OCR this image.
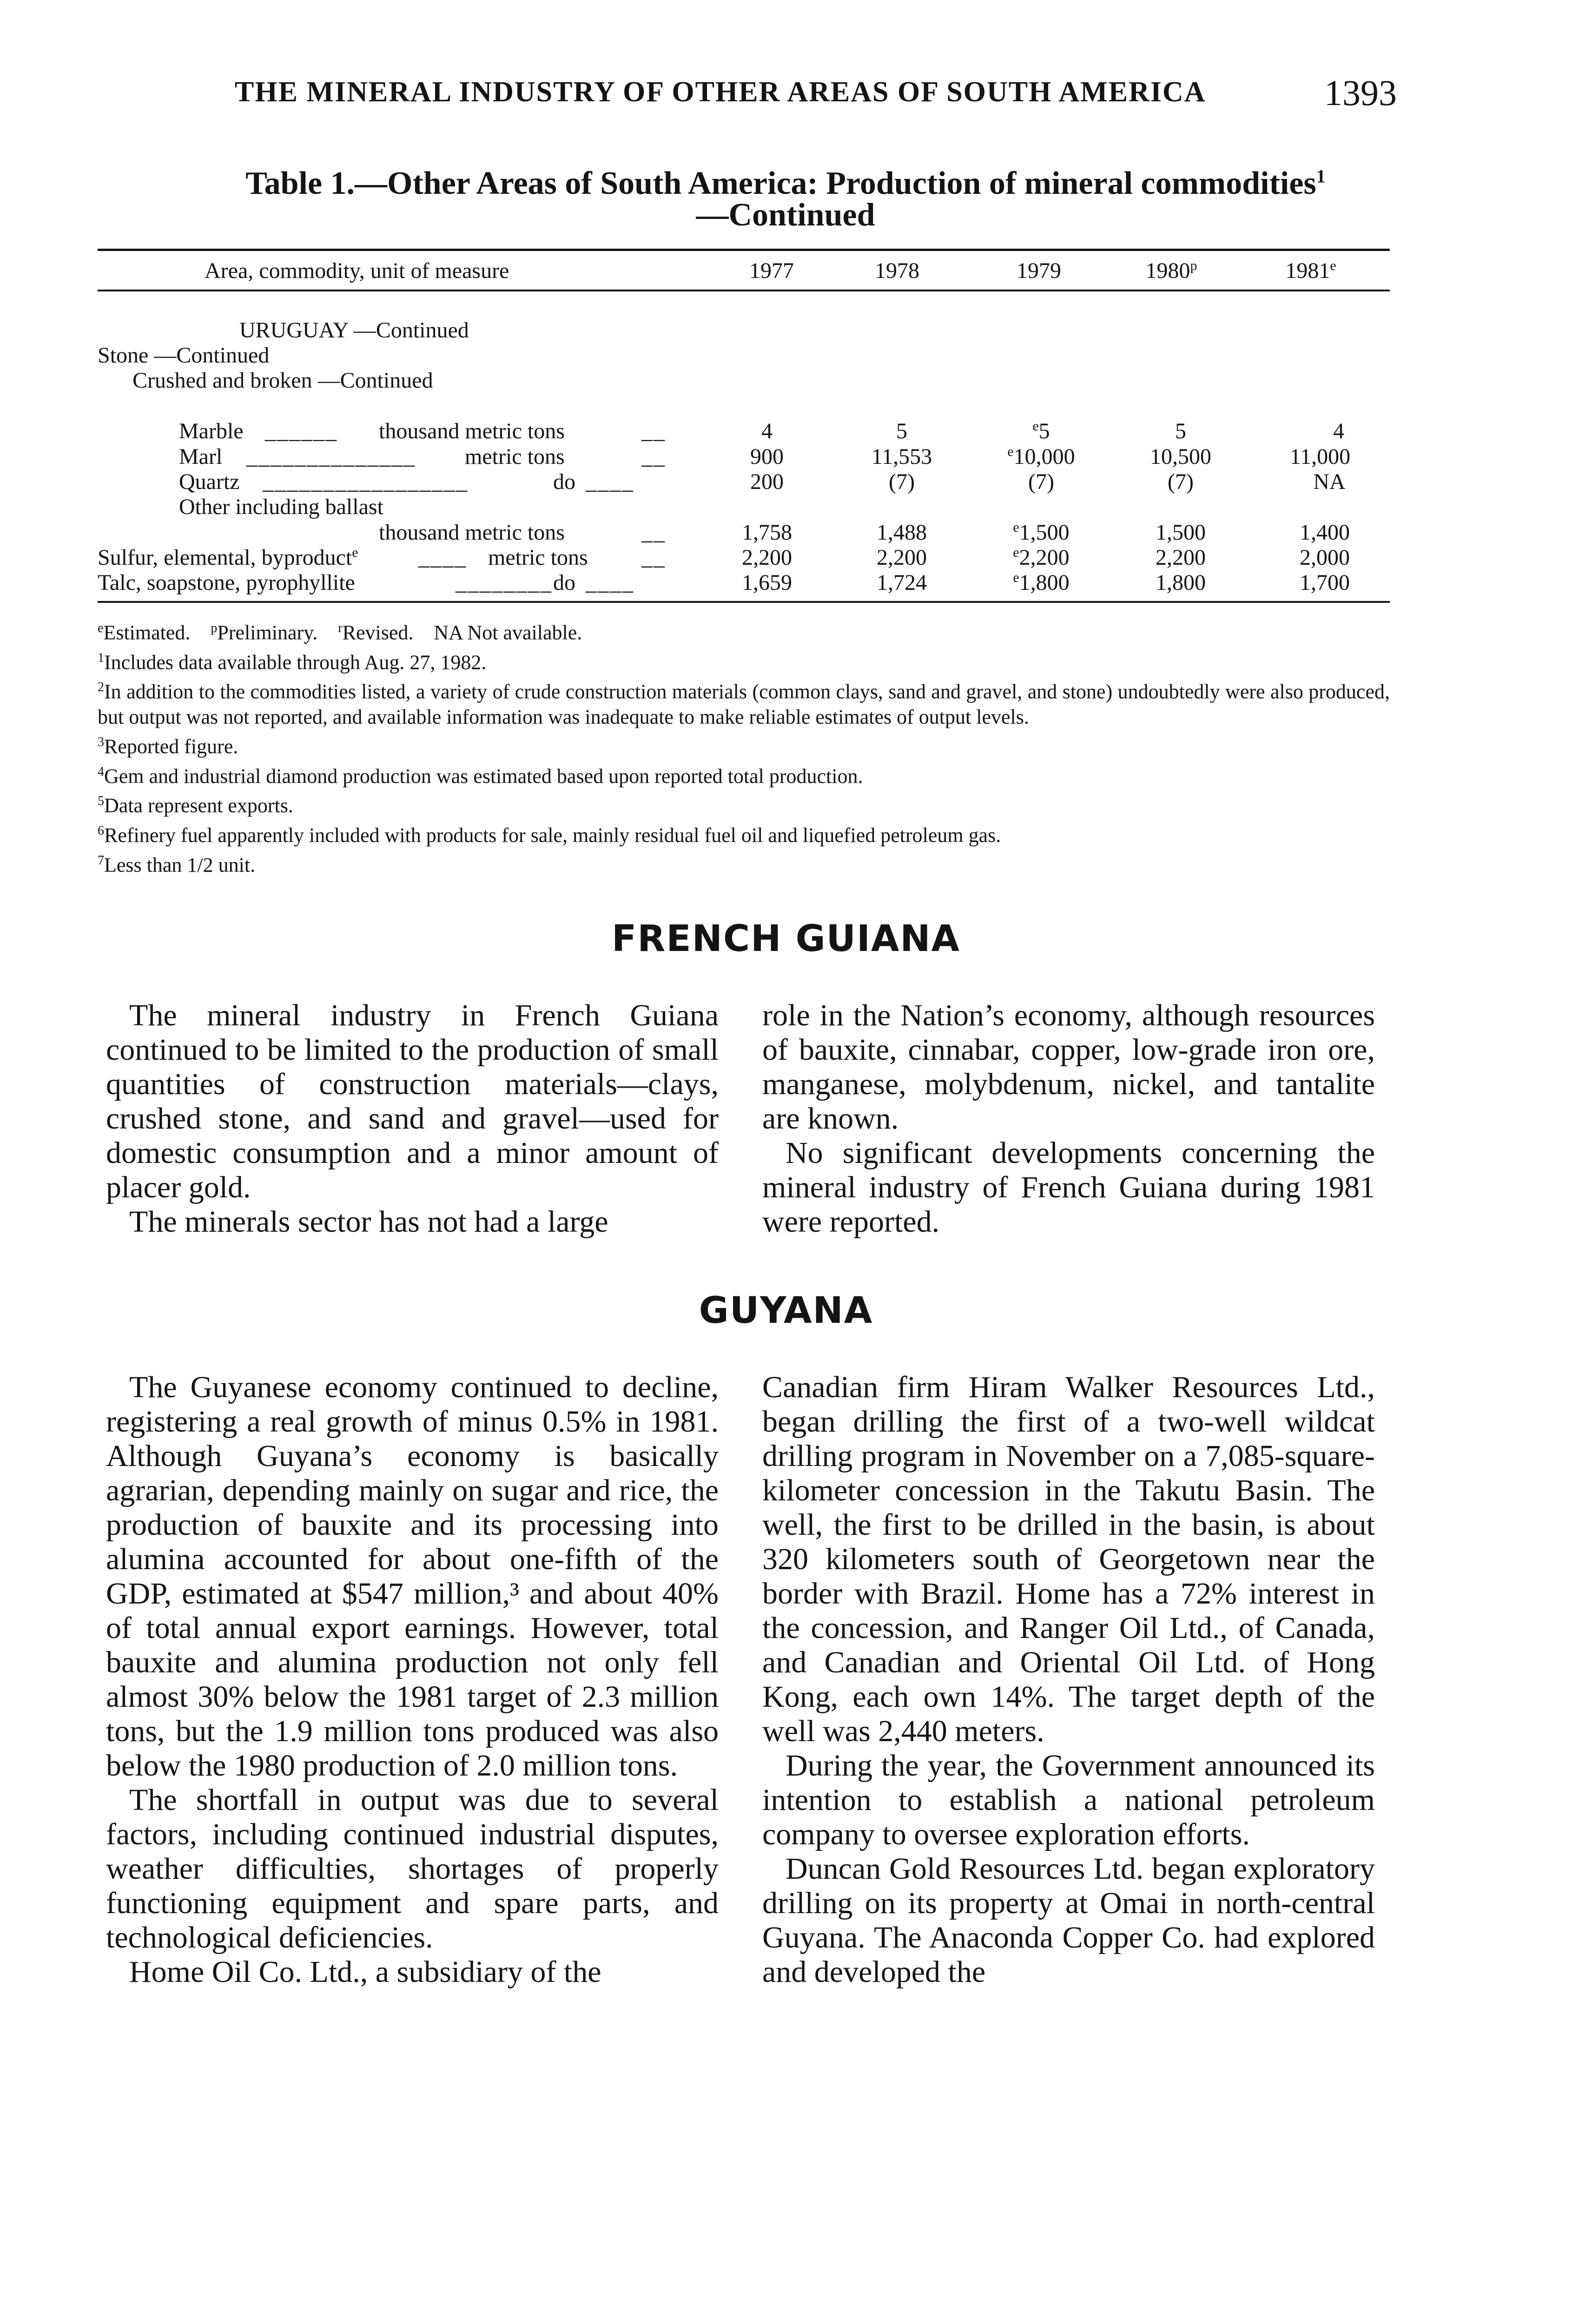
THE MINERAL INDUSTRY OF OTHER AREAS OF SOUTH AMERICA	1393
Table 1.—Other Areas of South America: Production of mineral commodities$^1$
—Continued
Area, commodity, unit of measure	1977	1978	1979	1980$^p$	1981e
URUGUAY —Continued
Stone —Continued
Crushed and broken —Continued
Marble ______ thousand metric tons	__	4	5	$^e$5	5	4
Marl ______________ metric tons	__	900	11,553	$^e$10,000	10,500	11,000
Quartz _________________	do ____	200	(7)	(7)	(7)	NA
Other including ballast
thousand metric tons	__	1,758	1,488	$^e$1,500	1,500	1,400
Sulfur, elemental, byproduct$^e$	____ metric tons __	2,200	2,200	$^e$2,200	2,200	2,000
Talc, soapstone, pyrophyllite	________ do ____	1,659	1,724	$^e$1,800	1,800	1,700

$^e$Estimated. $^p$Preliminary. $^r$Revised. NA Not available.

$^1$Includes data available through Aug. 27, 1982.

$^2$In addition to the commodities listed, a variety of crude construction materials (common clays, sand and gravel, and stone) undoubtedly were also produced, but output was not reported, and available information was inadequate to make reliable estimates of output levels.

$^3$Reported figure.

$^4$Gem and industrial diamond production was estimated based upon reported total production.

$^5$Data represent exports.

$^6$Refinery fuel apparently included with products for sale, mainly residual fuel oil and liquefied petroleum gas.

$^7$Less than 1/2 unit.

FRENCH GUIANA

The mineral industry in French Guiana continued to be limited to the production of small quantities of construction materials—clays, crushed stone, and sand and gravel—used for domestic consumption and a minor amount of placer gold.

The minerals sector has not had a large

role in the Nation’s economy, although resources of bauxite, cinnabar, copper, low-grade iron ore, manganese, molybdenum, nickel, and tantalite are known.

No significant developments concerning the mineral industry of French Guiana during 1981 were reported.

GUYANA

The Guyanese economy continued to decline, registering a real growth of minus 0.5% in 1981. Although Guyana’s economy is basically agrarian, depending mainly on sugar and rice, the production of bauxite and its processing into alumina accounted for about one-fifth of the GDP, estimated at $547 million,³ and about 40% of total annual export earnings. However, total bauxite and alumina production not only fell almost 30% below the 1981 target of 2.3 million tons, but the 1.9 million tons produced was also below the 1980 production of 2.0 million tons.

The shortfall in output was due to several factors, including continued industrial disputes, weather difficulties, shortages of properly functioning equipment and spare parts, and technological deficiencies.

Home Oil Co. Ltd., a subsidiary of the

Canadian firm Hiram Walker Resources Ltd., began drilling the first of a two-well wildcat drilling program in November on a 7,085-square-kilometer concession in the Takutu Basin. The well, the first to be drilled in the basin, is about 320 kilometers south of Georgetown near the border with Brazil. Home has a 72% interest in the concession, and Ranger Oil Ltd., of Canada, and Canadian and Oriental Oil Ltd. of Hong Kong, each own 14%. The target depth of the well was 2,440 meters.

During the year, the Government announced its intention to establish a national petroleum company to oversee exploration efforts.

Duncan Gold Resources Ltd. began exploratory drilling on its property at Omai in north-central Guyana. The Anaconda Copper Co. had explored and developed the
